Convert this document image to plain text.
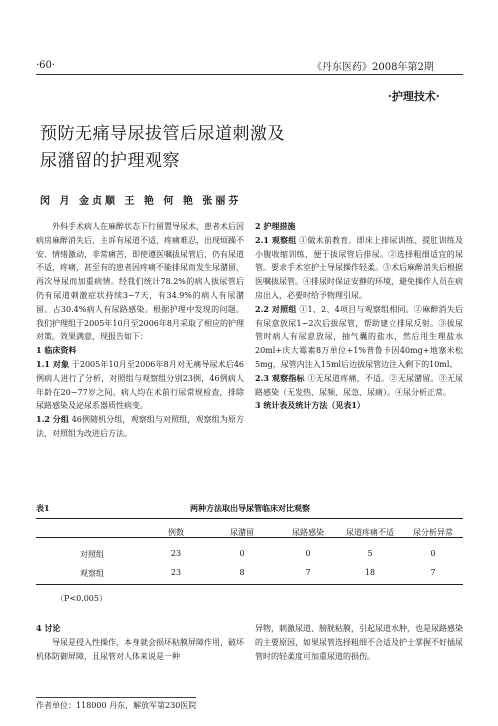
·60·	《丹东医药》2008年第2期
·护理技术·
预防无痛导尿拔管后尿道刺激及
尿潴留的护理观察
闵 月 金贞顺 王 艳 何 艳 张丽芬

外科手术病人在麻醉状态下行留置导尿术，患者术后因病房麻醉消失后，主诉有尿道不适、疼痛难忍，出现烦躁不安、情绪激动，非常痛苦，即使遵医嘱拔尿管后，仍有尿道不适，疼痛，甚至有的患者因疼痛不能排尿而发生尿潴留，再次导尿而加重病情。经我们统计78.2%的病人拔尿管后仍有尿道刺激症状持续3~7天，有34.9%的病人有尿潴留。占30.4%病人有尿路感染。根据护理中发现的问题。我们护理组于2005年10月至2006年8月采取了相应的护理对策。效果满意，现报告如下：

1 临床资料

1.1 对象 于2005年10月至2006年8月对无痛导尿术后46例病人进行了分析，对照组与观察组分别23例，46例病人年龄在20~77岁之间。病人均在术前行尿常规检查，排除尿路感染及泌尿系器质性病变。

1.2 分组 46例随机分组，观察组与对照组，观察组为原方法，对照组为改进后方法。

2 护理措施

2.1 观察组 ①做术前教育。即床上排尿训练、提肛训练及小腹收缩训练，便于拔尿管后排尿。②选择粗细适宜的尿管。要求手术室护士导尿操作轻柔。③术后麻醉消失后根据医嘱拔尿管。④排尿时保证安静的环境，避免操作人员在病房出入，必要时给予物理引尿。

2.2 对照组 ①1、2、4项目与观察组相同。②麻醉消失后有尿意放尿1~2次后拔尿管，帮助建立排尿反射。③拔尿管时病人有尿意放尿，抽气囊的盐水，然后用生理盐水20ml+庆大霉素8万单位+1%普鲁卡因40mg+地塞米松5mg，尿管内注入15ml后边拔尿管边注入剩下的10ml。

2.3 观察指标 ①无尿道疼痛，不适。②无尿潴留。③无尿路感染（无发热、尿频、尿急、尿痛）。④尿分析正常。

3 统计表及统计方法（见表1）

表1	两种方法取出导尿管临床对比观察
例数	尿潴留	尿路感染	尿道疼痛不适	尿分析异常
对照组	23	0	0	5	0
观察组	23	8	7	18	7
（P<0.005）

4 讨论

导尿是侵入性操作，本身就会损坏粘膜屏障作用，破坏机体防御屏障，且尿管对人体来说是一种

异物，刺激尿道、膀胱粘膜，引起尿道水肿，也是尿路感染的主要原因，如果尿管选择粗细不合适及护士掌握不好插尿管时的轻柔度可加重尿道的损伤。

作者单位：118000 丹东，解放军第230医院
